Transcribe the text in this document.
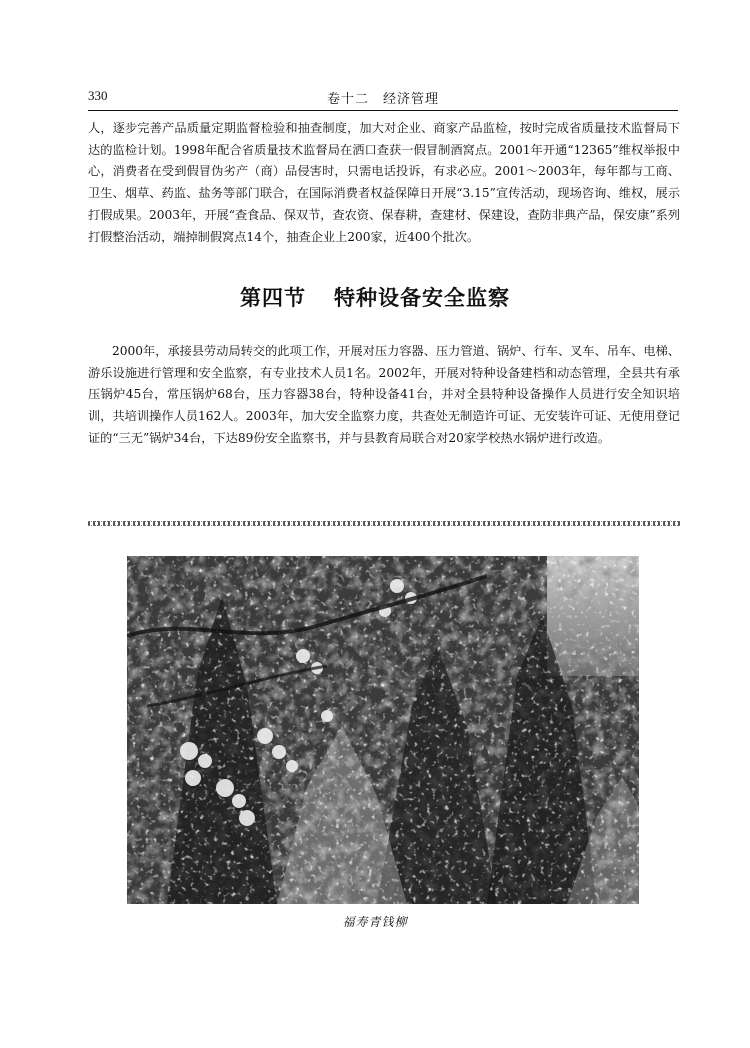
330	卷十二　经济管理

人，逐步完善产品质量定期监督检验和抽查制度，加大对企业、商家产品监检，按时完成省质量技术监督局下达的监检计划。1998年配合省质量技术监督局在洒口查获一假冒制酒窝点。2001年开通“12365”维权举报中心，消费者在受到假冒伪劣产（商）品侵害时，只需电话投诉，有求必应。2001～2003年，每年都与工商、卫生、烟草、药监、盐务等部门联合，在国际消费者权益保障日开展“3.15”宣传活动，现场咨询、维权，展示打假成果。2003年，开展“查食品、保双节，查农资、保春耕，查建材、保建设，查防非典产品，保安康”系列打假整治活动，端掉制假窝点14个，抽查企业上200家，近400个批次。

第四节 特种设备安全监察

2000年，承接县劳动局转交的此项工作，开展对压力容器、压力管道、锅炉、行车、叉车、吊车、电梯、游乐设施进行管理和安全监察，有专业技术人员1名。2002年，开展对特种设备建档和动态管理，全县共有承压锅炉45台，常压锅炉68台，压力容器38台，特种设备41台，并对全县特种设备操作人员进行安全知识培训，共培训操作人员162人。2003年，加大安全监察力度，共查处无制造许可证、无安装许可证、无使用登记证的“三无”锅炉34台，下达89份安全监察书，并与县教育局联合对20家学校热水锅炉进行改造。

福寿青钱柳
